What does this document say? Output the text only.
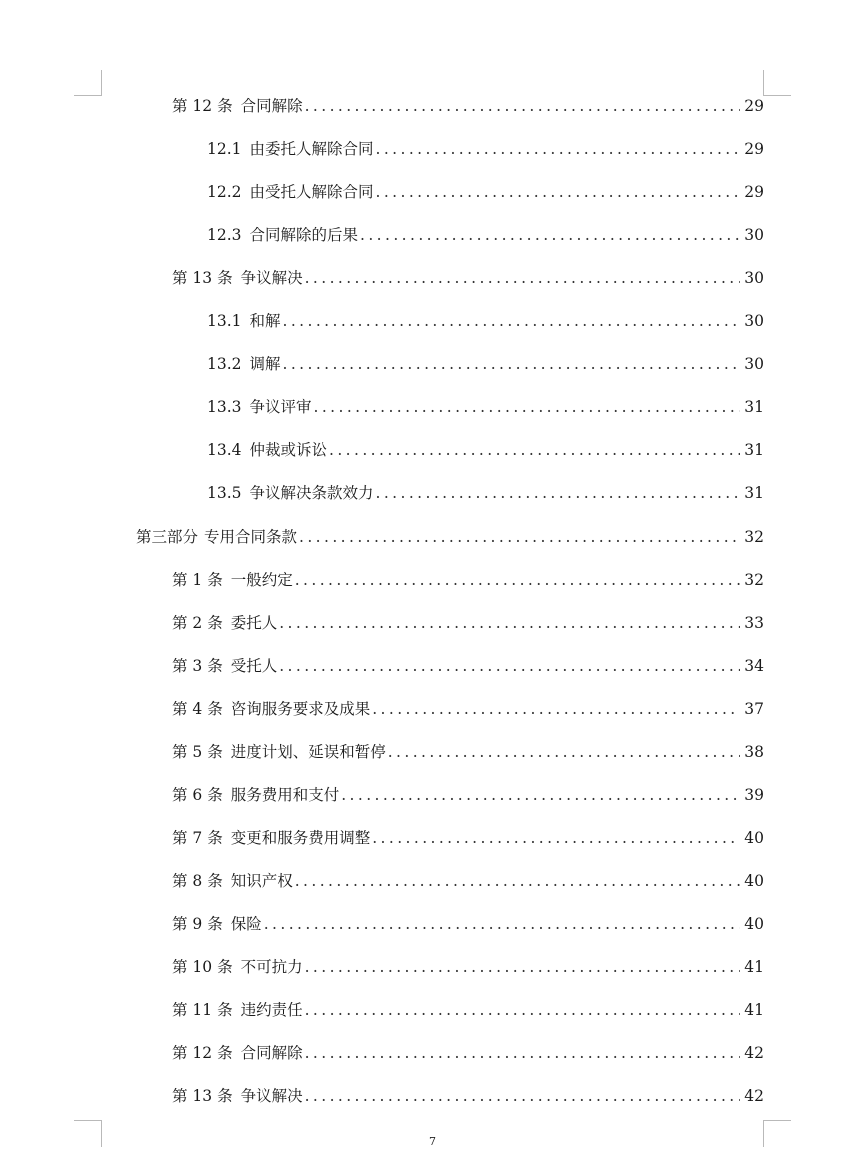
第 12 条 合同解除 .....	29
12.1 由委托人解除合同 .....	29
12.2 由受托人解除合同 .....	29
12.3 合同解除的后果 .....	30
第 13 条 争议解决 .....	30
13.1 和解 .....	30
13.2 调解 .....	30
13.3 争议评审 .....	31
13.4 仲裁或诉讼 .....	31
13.5 争议解决条款效力 .....	31
第三部分 专用合同条款 .....	32
第 1 条 一般约定 .....	32
第 2 条 委托人 .....	33
第 3 条 受托人 .....	34
第 4 条 咨询服务要求及成果 .....	37
第 5 条 进度计划、延误和暂停 .....	38
第 6 条 服务费用和支付 .....	39
第 7 条 变更和服务费用调整 .....	40
第 8 条 知识产权 .....	40
第 9 条 保险 .....	40
第 10 条 不可抗力 .....	41
第 11 条 违约责任 .....	41
第 12 条 合同解除 .....	42
第 13 条 争议解决 .....	42
7
